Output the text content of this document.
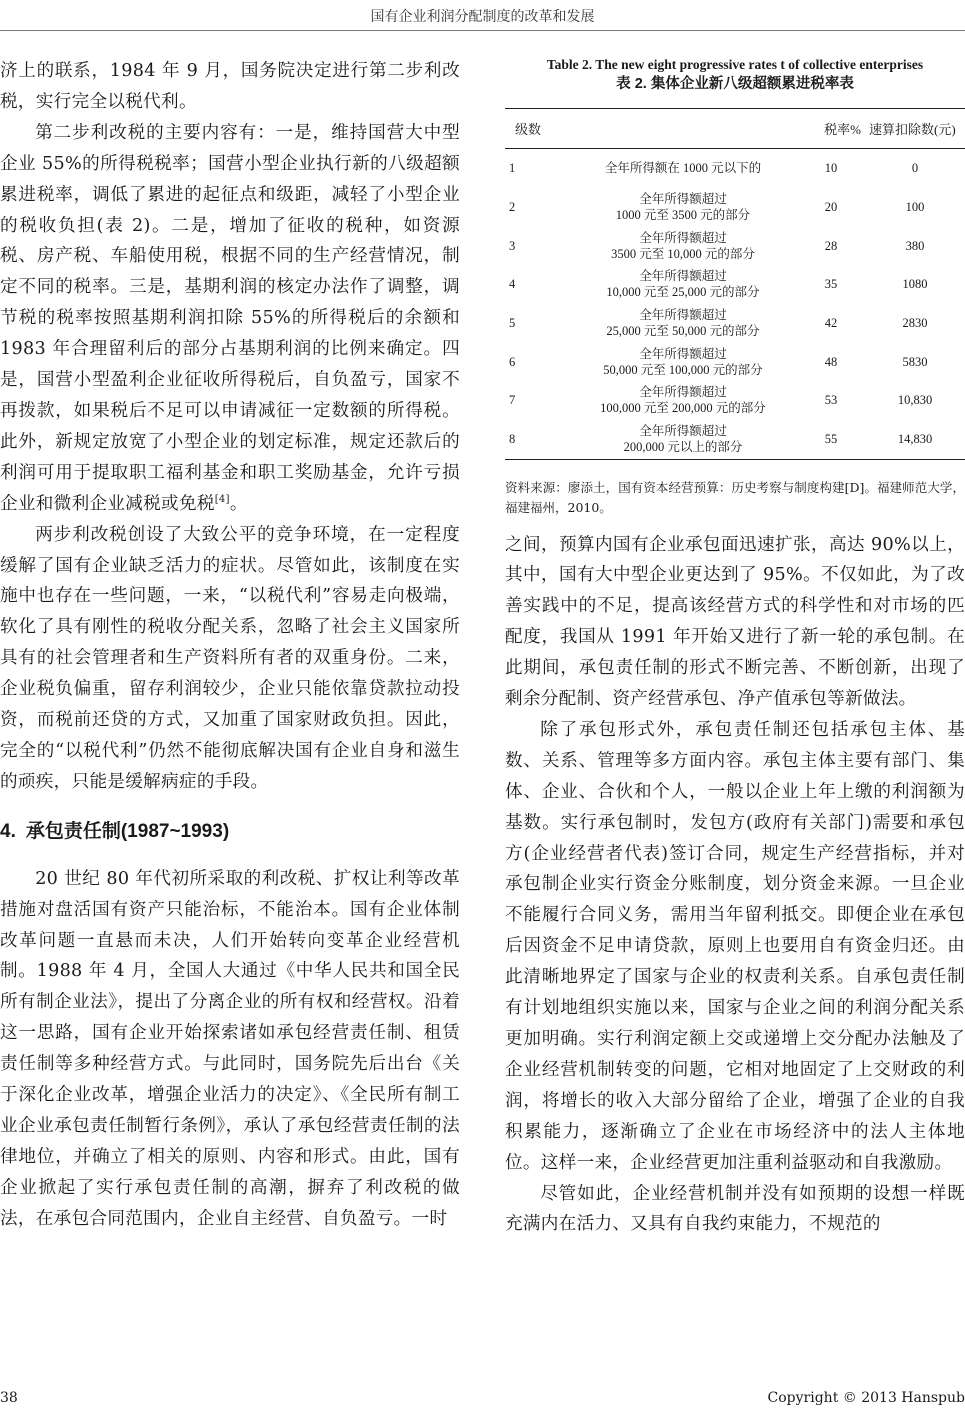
国有企业利润分配制度的改革和发展

济上的联系，1984 年 9 月，国务院决定进行第二步利改税，实行完全以税代利。

第二步利改税的主要内容有：一是，维持国营大中型企业 55%的所得税税率；国营小型企业执行新的八级超额累进税率，调低了累进的起征点和级距，减轻了小型企业的税收负担(表 2)。二是，增加了征收的税种，如资源税、房产税、车船使用税，根据不同的生产经营情况，制定不同的税率。三是，基期利润的核定办法作了调整，调节税的税率按照基期利润扣除 55%的所得税后的余额和 1983 年合理留利后的部分占基期利润的比例来确定。四是，国营小型盈利企业征收所得税后，自负盈亏，国家不再拨款，如果税后不足可以申请减征一定数额的所得税。此外，新规定放宽了小型企业的划定标准，规定还款后的利润可用于提取职工福利基金和职工奖励基金，允许亏损企业和微利企业减税或免税[4]。

两步利改税创设了大致公平的竞争环境，在一定程度缓解了国有企业缺乏活力的症状。尽管如此，该制度在实施中也存在一些问题，一来，“以税代利”容易走向极端，软化了具有刚性的税收分配关系，忽略了社会主义国家所具有的社会管理者和生产资料所有者的双重身份。二来，企业税负偏重，留存利润较少，企业只能依靠贷款拉动投资，而税前还贷的方式，又加重了国家财政负担。因此，完全的“以税代利”仍然不能彻底解决国有企业自身和滋生的顽疾，只能是缓解病症的手段。

4. 承包责任制(1987~1993)

20 世纪 80 年代初所采取的利改税、扩权让利等改革措施对盘活国有资产只能治标，不能治本。国有企业体制改革问题一直悬而未决，人们开始转向变革企业经营机制。1988 年 4 月，全国人大通过《中华人民共和国全民所有制企业法》，提出了分离企业的所有权和经营权。沿着这一思路，国有企业开始探索诸如承包经营责任制、租赁责任制等多种经营方式。与此同时，国务院先后出台《关于深化企业改革，增强企业活力的决定》、《全民所有制工业企业承包责任制暂行条例》，承认了承包经营责任制的法律地位，并确立了相关的原则、内容和形式。由此，国有企业掀起了实行承包责任制的高潮，摒弃了利改税的做法，在承包合同范围内，企业自主经营、自负盈亏。一时

Table 2. The new eight progressive rates t of collective enterprises
表 2. 集体企业新八级超额累进税率表
级数		税率%	速算扣除数(元)
1	全年所得额在 1000 元以下的	10	0
2	全年所得额超过
1000 元至 3500 元的部分	20	100
3	全年所得额超过
3500 元至 10,000 元的部分	28	380
4	全年所得额超过
10,000 元至 25,000 元的部分	35	1080
5	全年所得额超过
25,000 元至 50,000 元的部分	42	2830
6	全年所得额超过
50,000 元至 100,000 元的部分	48	5830
7	全年所得额超过
100,000 元至 200,000 元的部分	53	10,830
8	全年所得额超过
200,000 元以上的部分	55	14,830
资料来源：廖添土，国有资本经营预算：历史考察与制度构建[D]。福建师范大学，福建福州，2010。

之间，预算内国有企业承包面迅速扩张，高达 90%以上，其中，国有大中型企业更达到了 95%。不仅如此，为了改善实践中的不足，提高该经营方式的科学性和对市场的匹配度，我国从 1991 年开始又进行了新一轮的承包制。在此期间，承包责任制的形式不断完善、不断创新，出现了剩余分配制、资产经营承包、净产值承包等新做法。

除了承包形式外，承包责任制还包括承包主体、基数、关系、管理等多方面内容。承包主体主要有部门、集体、企业、合伙和个人，一般以企业上年上缴的利润额为基数。实行承包制时，发包方(政府有关部门)需要和承包方(企业经营者代表)签订合同，规定生产经营指标，并对承包制企业实行资金分账制度，划分资金来源。一旦企业不能履行合同义务，需用当年留利抵交。即便企业在承包后因资金不足申请贷款，原则上也要用自有资金归还。由此清晰地界定了国家与企业的权责利关系。自承包责任制有计划地组织实施以来，国家与企业之间的利润分配关系更加明确。实行利润定额上交或递增上交分配办法触及了企业经营机制转变的问题，它相对地固定了上交财政的利润，将增长的收入大部分留给了企业，增强了企业的自我积累能力，逐渐确立了企业在市场经济中的法人主体地位。这样一来，企业经营更加注重利益驱动和自我激励。

尽管如此，企业经营机制并没有如预期的设想一样既充满内在活力、又具有自我约束能力，不规范的

38	Copyright © 2013 Hanspub
